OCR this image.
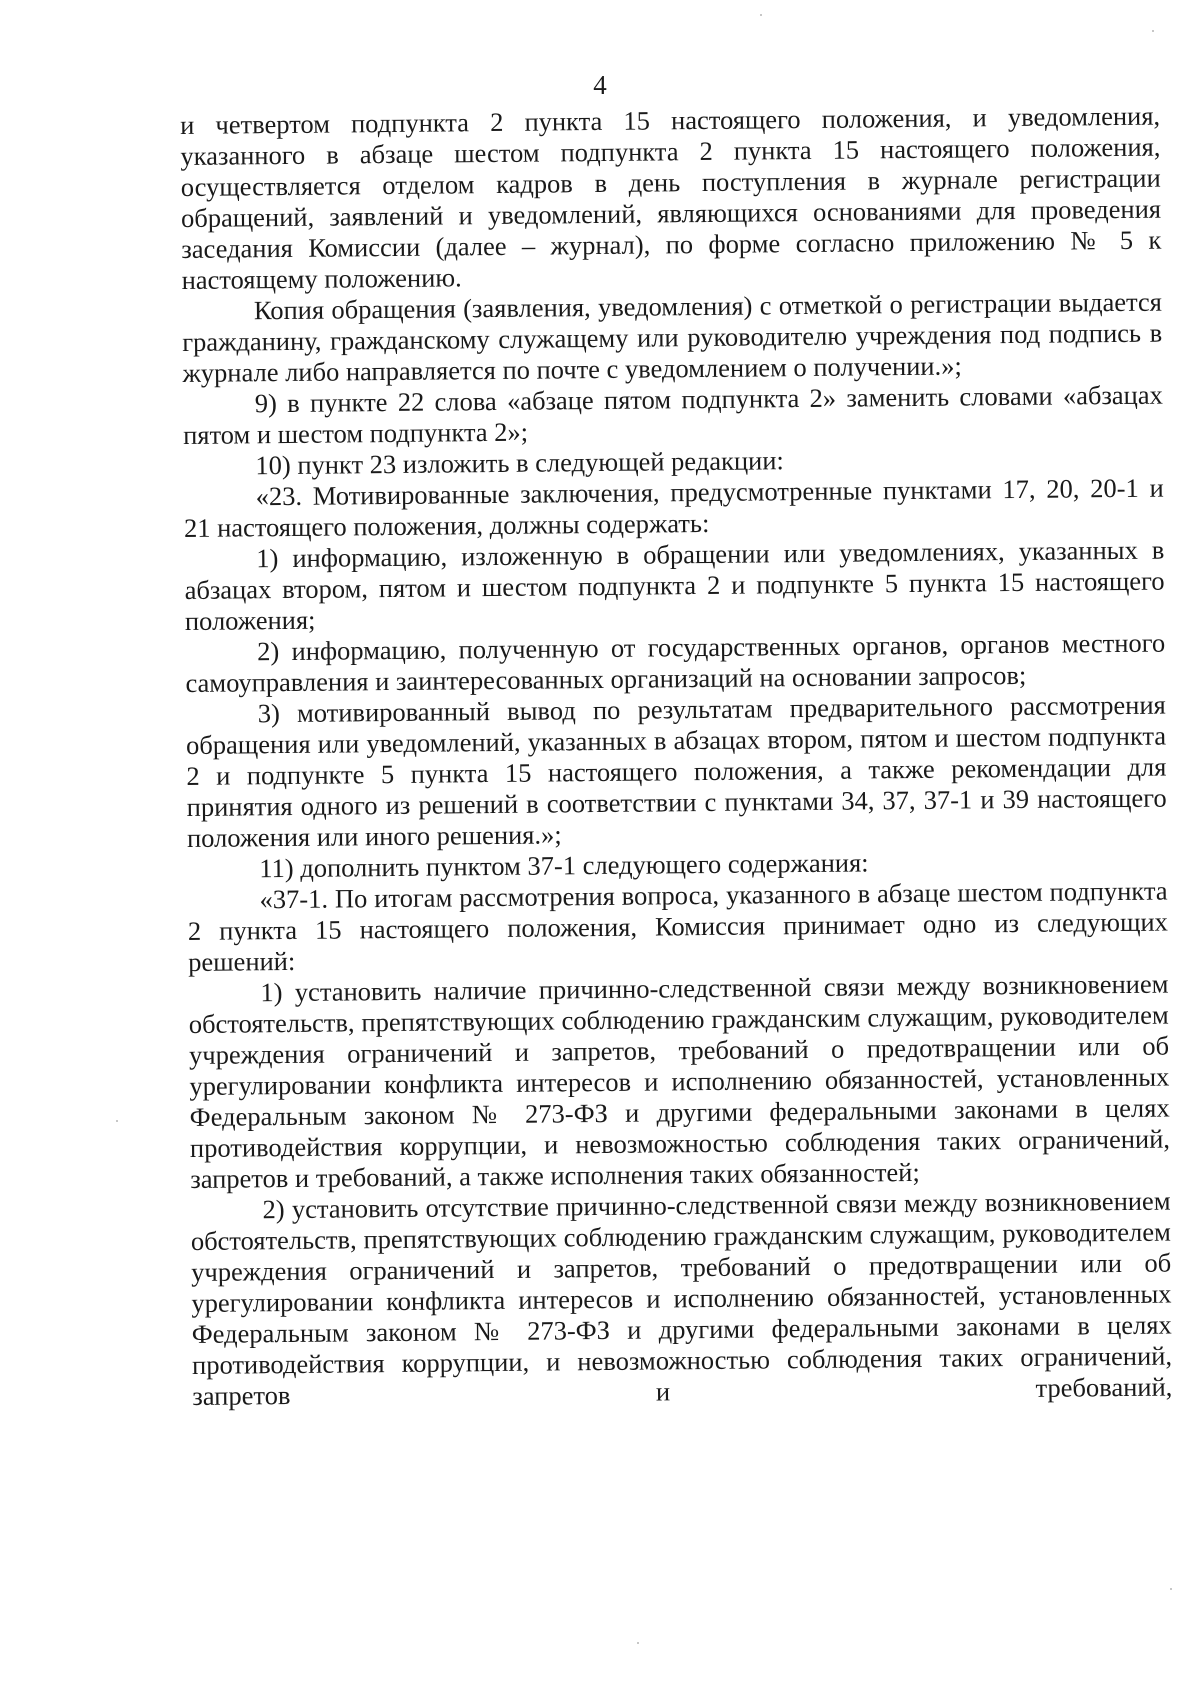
4

и четвертом подпункта 2 пункта 15 настоящего положения, и уведомления, указанного в абзаце шестом подпункта 2 пункта 15 настоящего положения, осуществляется отделом кадров в день поступления в журнале регистрации обращений, заявлений и уведомлений, являющихся основаниями для проведения заседания Комиссии (далее – журнал), по форме согласно приложению № 5 к настоящему положению.

Копия обращения (заявления, уведомления) с отметкой о регистрации выдается гражданину, гражданскому служащему или руководителю учреждения под подпись в журнале либо направляется по почте с уведомлением о получении.»;

9) в пункте 22 слова «абзаце пятом подпункта 2» заменить словами «абзацах пятом и шестом подпункта 2»;

10) пункт 23 изложить в следующей редакции:

«23. Мотивированные заключения, предусмотренные пунктами 17, 20, 20-1 и 21 настоящего положения, должны содержать:

1) информацию, изложенную в обращении или уведомлениях, указанных в абзацах втором, пятом и шестом подпункта 2 и подпункте 5 пункта 15 настоящего положения;

2) информацию, полученную от государственных органов, органов местного самоуправления и заинтересованных организаций на основании запросов;

3) мотивированный вывод по результатам предварительного рассмотрения обращения или уведомлений, указанных в абзацах втором, пятом и шестом подпункта 2 и подпункте 5 пункта 15 настоящего положения, а также рекомендации для принятия одного из решений в соответствии с пунктами 34, 37, 37-1 и 39 настоящего положения или иного решения.»;

11) дополнить пунктом 37-1 следующего содержания:

«37-1. По итогам рассмотрения вопроса, указанного в абзаце шестом подпункта 2 пункта 15 настоящего положения, Комиссия принимает одно из следующих решений:

1) установить наличие причинно-следственной связи между возникновением обстоятельств, препятствующих соблюдению гражданским служащим, руководителем учреждения ограничений и запретов, требований о предотвращении или об урегулировании конфликта интересов и исполнению обязанностей, установленных Федеральным законом № 273-ФЗ и другими федеральными законами в целях противодействия коррупции, и невозможностью соблюдения таких ограничений, запретов и требований, а также исполнения таких обязанностей;

2) установить отсутствие причинно-следственной связи между возникновением обстоятельств, препятствующих соблюдению гражданским служащим, руководителем учреждения ограничений и запретов, требований о предотвращении или об урегулировании конфликта интересов и исполнению обязанностей, установленных Федеральным законом № 273-ФЗ и другими федеральными законами в целях противодействия коррупции, и невозможностью соблюдения таких ограничений, запретов и требований,
